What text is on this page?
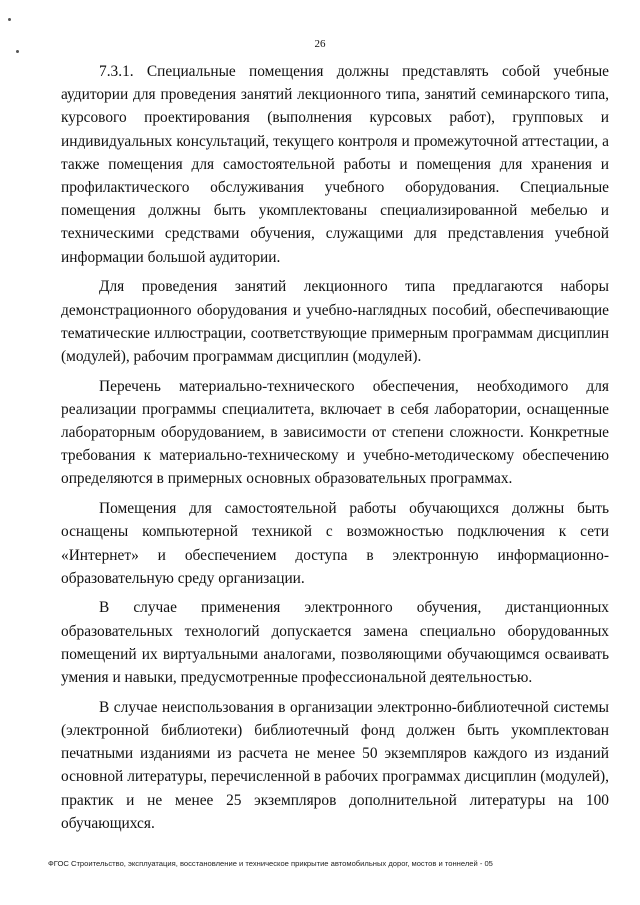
26

7.3.1. Специальные помещения должны представлять собой учебные аудитории для проведения занятий лекционного типа, занятий семинарского типа, курсового проектирования (выполнения курсовых работ), групповых и индивидуальных консультаций, текущего контроля и промежуточной аттестации, а также помещения для самостоятельной работы и помещения для хранения и профилактического обслуживания учебного оборудования. Специальные помещения должны быть укомплектованы специализированной мебелью и техническими средствами обучения, служащими для представления учебной информации большой аудитории.

Для проведения занятий лекционного типа предлагаются наборы демонстрационного оборудования и учебно-наглядных пособий, обеспечивающие тематические иллюстрации, соответствующие примерным программам дисциплин (модулей), рабочим программам дисциплин (модулей).

Перечень материально-технического обеспечения, необходимого для реализации программы специалитета, включает в себя лаборатории, оснащенные лабораторным оборудованием, в зависимости от степени сложности. Конкретные требования к материально-техническому и учебно-методическому обеспечению определяются в примерных основных образовательных программах.

Помещения для самостоятельной работы обучающихся должны быть оснащены компьютерной техникой с возможностью подключения к сети «Интернет» и обеспечением доступа в электронную информационно-образовательную среду организации.

В случае применения электронного обучения, дистанционных образовательных технологий допускается замена специально оборудованных помещений их виртуальными аналогами, позволяющими обучающимся осваивать умения и навыки, предусмотренные профессиональной деятельностью.

В случае неиспользования в организации электронно-библиотечной системы (электронной библиотеки) библиотечный фонд должен быть укомплектован печатными изданиями из расчета не менее 50 экземпляров каждого из изданий основной литературы, перечисленной в рабочих программах дисциплин (модулей), практик и не менее 25 экземпляров дополнительной литературы на 100 обучающихся.

ФГОС Строительство, эксплуатация, восстановление и техническое прикрытие автомобильных дорог, мостов и тоннелей - 05
